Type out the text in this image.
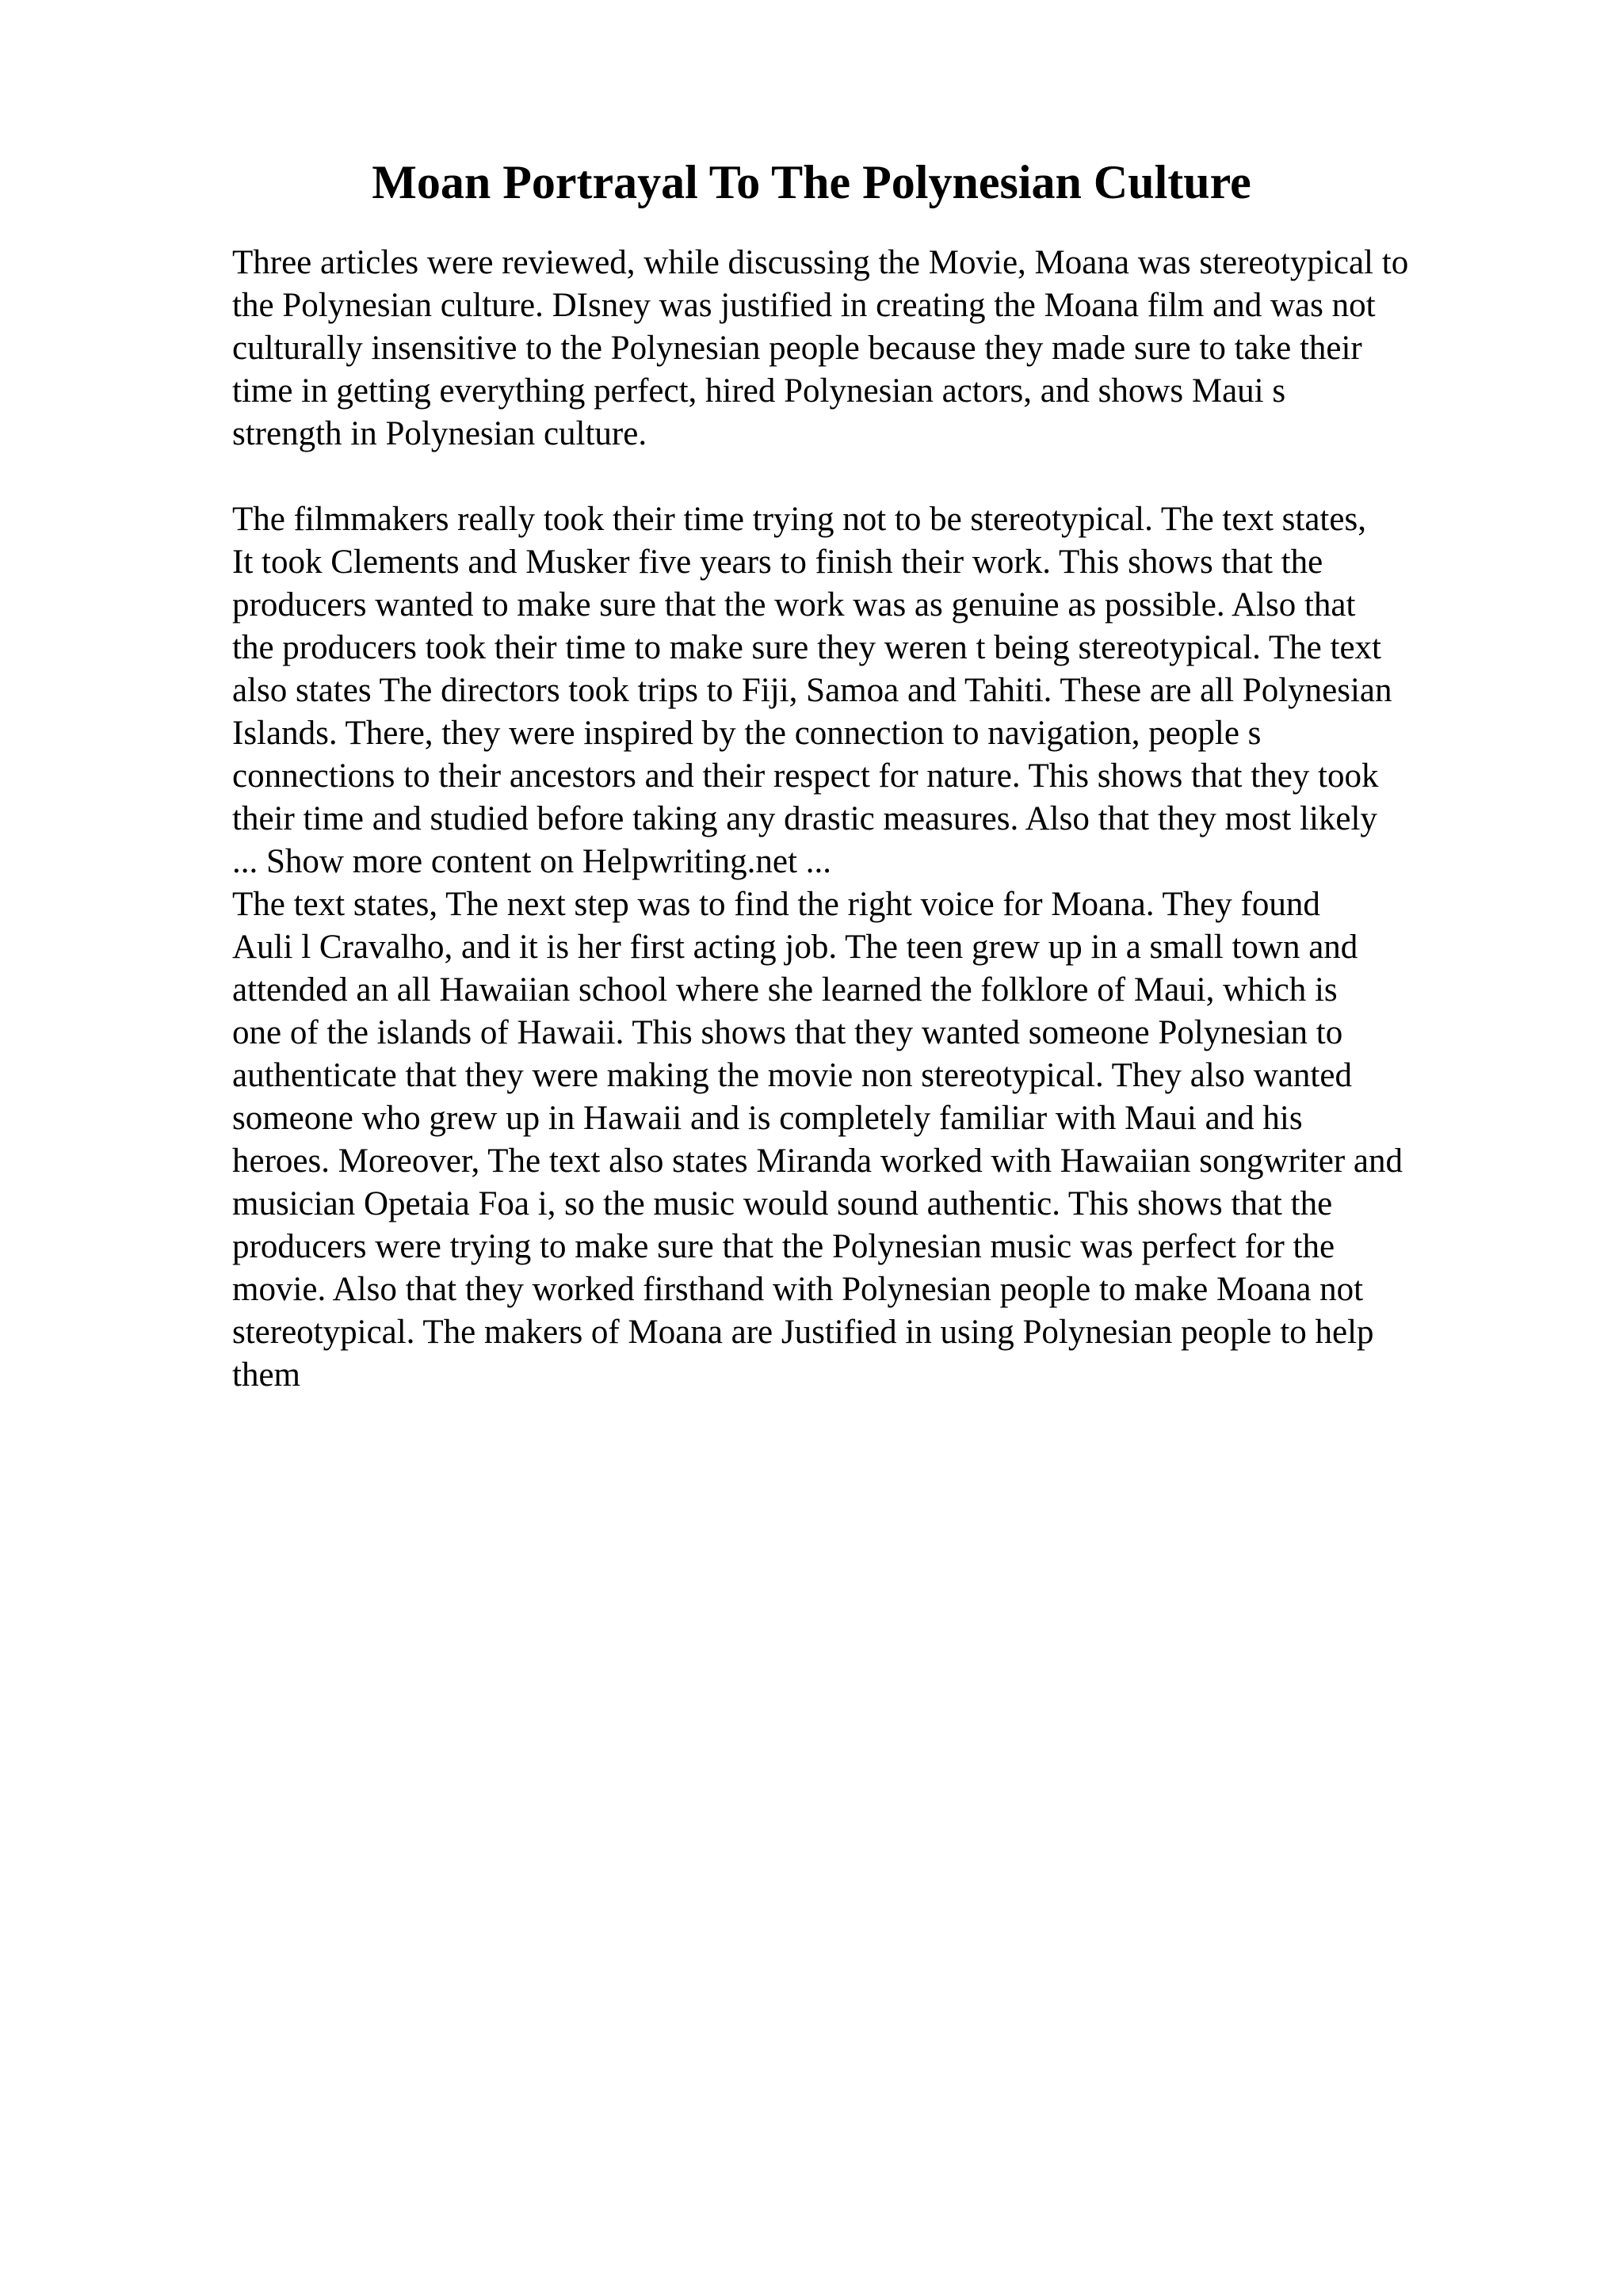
Moan Portrayal To The Polynesian Culture

Three articles were reviewed, while discussing the Movie, Moana was stereotypical to
the Polynesian culture. DIsney was justified in creating the Moana film and was not
culturally insensitive to the Polynesian people because they made sure to take their
time in getting everything perfect, hired Polynesian actors, and shows Maui s
strength in Polynesian culture.

The filmmakers really took their time trying not to be stereotypical. The text states,
It took Clements and Musker five years to finish their work. This shows that the
producers wanted to make sure that the work was as genuine as possible. Also that
the producers took their time to make sure they weren t being stereotypical. The text
also states The directors took trips to Fiji, Samoa and Tahiti. These are all Polynesian
Islands. There, they were inspired by the connection to navigation, people s
connections to their ancestors and their respect for nature. This shows that they took
their time and studied before taking any drastic measures. Also that they most likely
... Show more content on Helpwriting.net ...

The text states, The next step was to find the right voice for Moana. They found
Auli l Cravalho, and it is her first acting job. The teen grew up in a small town and
attended an all Hawaiian school where she learned the folklore of Maui, which is
one of the islands of Hawaii. This shows that they wanted someone Polynesian to
authenticate that they were making the movie non stereotypical. They also wanted
someone who grew up in Hawaii and is completely familiar with Maui and his
heroes. Moreover, The text also states Miranda worked with Hawaiian songwriter and
musician Opetaia Foa i, so the music would sound authentic. This shows that the
producers were trying to make sure that the Polynesian music was perfect for the
movie. Also that they worked firsthand with Polynesian people to make Moana not
stereotypical. The makers of Moana are Justified in using Polynesian people to help
them
